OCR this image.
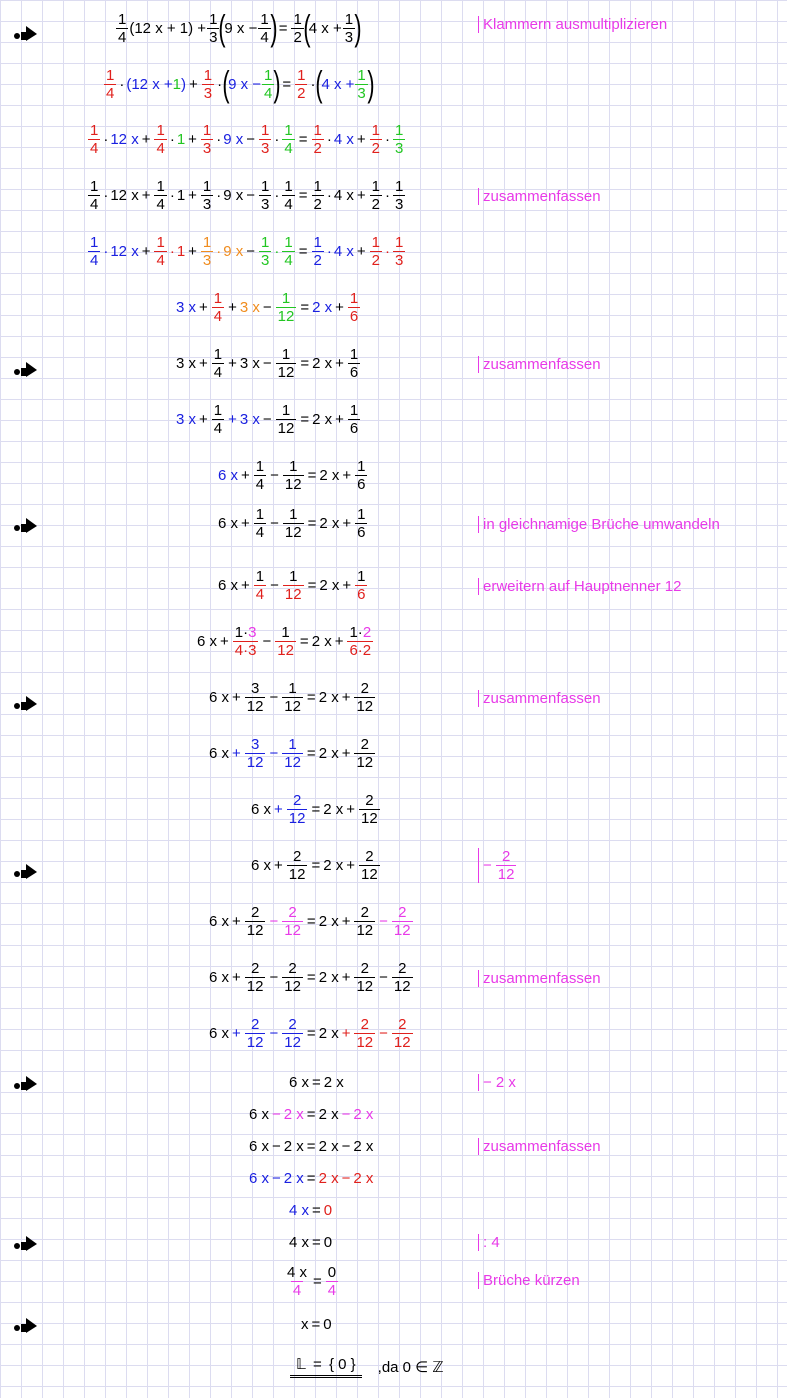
1
4
(12 $x + 1) + \frac{1}{3}$ (
9 $x - \frac{1}{4}$ ) = $\frac{1}{2}$ (
4 $x + \frac{1}{3}$ )	Klammern ausmultiplizieren
1
4
· (12 x + 1 ) + $\frac{1}{3}$ · (
9 $x - \frac{1}{4}$ ) = $\frac{1}{2}$ · (
4 $x + \frac{1}{3}$ )
1
4
· 12 $x + \frac{1}{4} \cdot 1 + \frac{1}{3} \cdot 9$ $x - \frac{1}{3} \cdot \frac{1}{4} = \frac{1}{2} \cdot 4$ $x + \frac{1}{2}$ ·
1
3
1
4
· 12 $x + \frac{1}{4} \cdot 1 + \frac{1}{3} \cdot 9$ $x - \frac{1}{3} \cdot \frac{1}{4} = \frac{1}{2} \cdot 4$ $x + \frac{1}{2}$ ·
1
3	zusammenfassen
1
4
· 12 $x + \frac{1}{4} \cdot 1 + \frac{1}{3} \cdot 9$ $x - \frac{1}{3} \cdot \frac{1}{4} = \frac{1}{2} \cdot 4$ $x + \frac{1}{2}$ ·
1
3
3 $x + \frac{1}{4} + 3$ $x - \frac{1}{12} = 2$ $x + \frac{1}{6}$
3 $x + \frac{1}{4} + 3$ $x - \frac{1}{12} = 2$ $x + \frac{1}{6}$	zusammenfassen
3 $x + \frac{1}{4} + 3$ $x - \frac{1}{12} = 2$ $x + \frac{1}{6}$
6 $x + \frac{1}{4} - \frac{1}{12} = 2$ $x + \frac{1}{6}$
6 $x + \frac{1}{4} - \frac{1}{12} = 2$ $x + \frac{1}{6}$	in gleichnamige Brüche umwandeln
6 $x + \frac{1}{4} - \frac{1}{12} = 2$ $x + \frac{1}{6}$	erweitern auf Hauptnenner 12
6 $x + \frac{1\cdot 3}{4\cdot 3} - \frac{1}{12} = 2$ $x + \frac{1\cdot 2}{6\cdot 2}$
6 $x + \frac{3}{12} - \frac{1}{12} = 2$ $x + \frac{2}{12}$	zusammenfassen
6 $x + \frac{3}{12} - \frac{1}{12} = 2$ $x + \frac{2}{12}$
6 $x + \frac{2}{12} = 2$ $x + \frac{2}{12}$
6 $x + \frac{2}{12} = 2$ $x + \frac{2}{12}$	− $\frac{2}{12}$
6 $x + \frac{2}{12} - \frac{2}{12} = 2$ $x + \frac{2}{12} - \frac{2}{12}$
6 $x + \frac{2}{12} - \frac{2}{12} = 2$ $x + \frac{2}{12} - \frac{2}{12}$	zusammenfassen
6 $x + \frac{2}{12} - \frac{2}{12} = 2$ $x + \frac{2}{12} - \frac{2}{12}$
6 x = 2 x	− 2 x
6 x − 2 x = 2 x − 2 x
6 x − 2 x = 2 x − 2 x	zusammenfassen
6 x − 2 x = 2 x − 2 x
4 x = 0
4 x = 0	: 4
$\frac{4 x}{4} = \frac{0}{4}$	Brüche kürzen
x = 0
𝕃 = { 0 }	,da 0 ∈ ℤ
